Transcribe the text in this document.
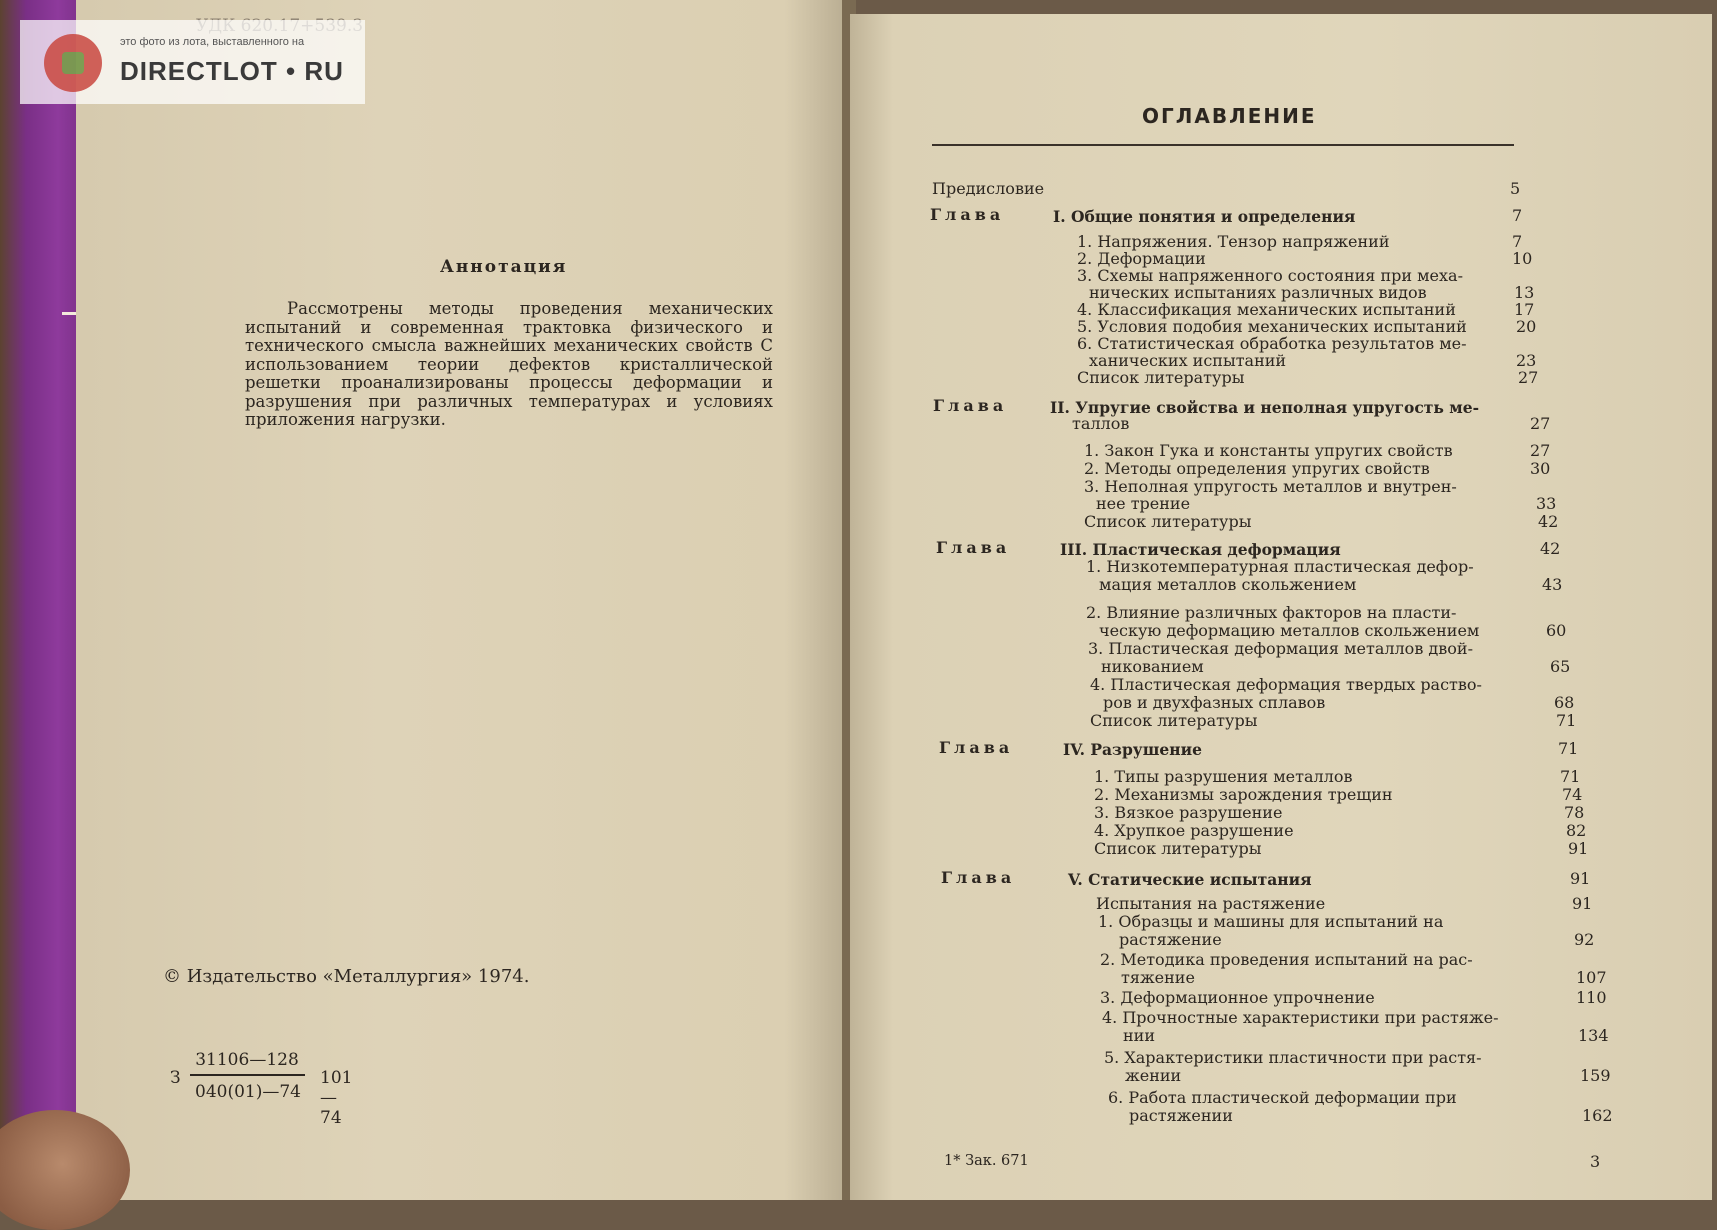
это фото из лота, выставленного на
DIRECTLOT • RU
Аннотация
Рассмотрены методы проведения механических испытаний и современная трактовка физического и технического смысла важнейших механических свойств С использованием теории дефектов кристаллической решетки проанализированы процессы деформации и разрушения при различных температурах и условиях приложения нагрузки.
© Издательство «Металлургия» 1974.
З
31106—128
040(01)—74
101—74
ОГЛАВЛЕНИЕ
Предисловие	5
Глава	I. Общие понятия и определения	7
1. Напряжения. Тензор напряжений	7
2. Деформации	10
3. Схемы напряженного состояния при меха-
нических испытаниях различных видов	13
4. Классификация механических испытаний	17
5. Условия подобия механических испытаний	20
6. Статистическая обработка результатов ме-
ханических испытаний	23
Список литературы	27
Глава	II. Упругие свойства и неполная упругость ме-
таллов	27
1. Закон Гука и константы упругих свойств	27
2. Методы определения упругих свойств	30
3. Неполная упругость металлов и внутрен-
нее трение	33
Список литературы	42
Глава	III. Пластическая деформация	42
1. Низкотемпературная пластическая дефор-
мация металлов скольжением	43
2. Влияние различных факторов на пласти-
ческую деформацию металлов скольжением	60
3. Пластическая деформация металлов двой-
никованием	65
4. Пластическая деформация твердых раство-
ров и двухфазных сплавов	68
Список литературы	71
Глава	IV. Разрушение	71
1. Типы разрушения металлов	71
2. Механизмы зарождения трещин	74
3. Вязкое разрушение	78
4. Хрупкое разрушение	82
Список литературы	91
Глава	V. Статические испытания	91
Испытания на растяжение	91
1. Образцы и машины для испытаний на
растяжение	92
2. Методика проведения испытаний на рас-
тяжение	107
3. Деформационное упрочнение	110
4. Прочностные характеристики при растяже-
нии	134
5. Характеристики пластичности при растя-
жении	159
6. Работа пластической деформации при
растяжении	162
1* Зак. 671	3
